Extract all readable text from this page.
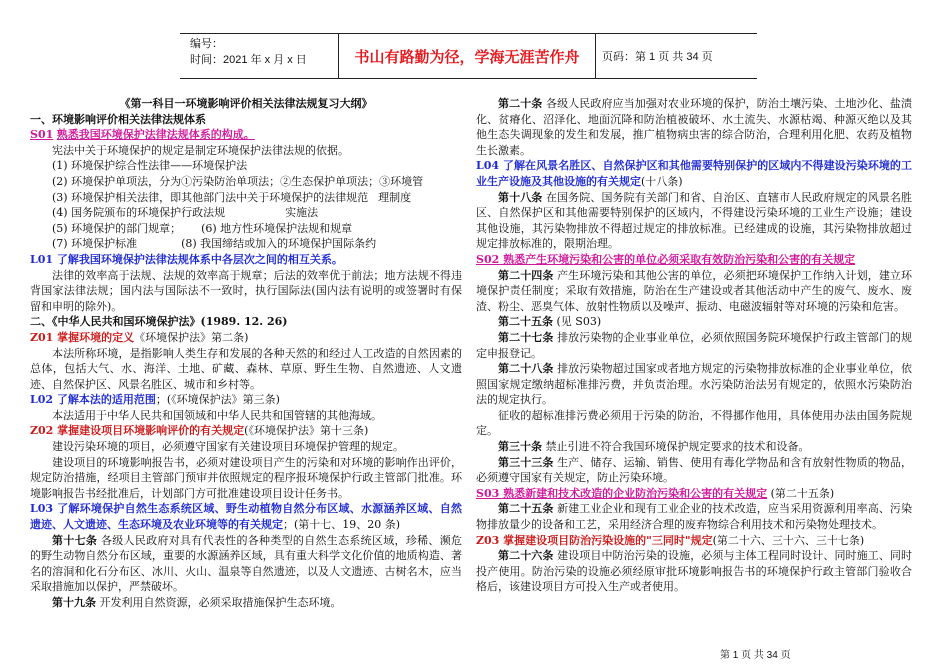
编号：
时间：2021 年 x 月 x 日	书山有路勤为径，学海无涯苦作舟	页码：第 1 页 共 34 页

《第一科目一环境影响评价相关法律法规复习大纲》

一、环境影响评价相关法律法规体系

S01 熟悉我国环境保护法律法规体系的构成。

宪法中关于环境保护的规定是制定环境保护法律法规的依据。

(1) 环境保护综合性法律——环境保护法

(2) 环境保护单项法，分为①污染防治单项法；②生态保护单项法；③环境管

(3) 环境保护相关法律，即其他部门法中关于环境保护的法律规范 理制度

(4) 国务院颁布的环境保护行政法规	实施法

(5) 环境保护的部门规章； (6) 地方性环境保护法规和规章

(7) 环境保护标准	(8) 我国缔结或加入的环境保护国际条约

L01 了解我国环境保护法律法规体系中各层次之间的相互关系。

法律的效率高于法规、法规的效率高于规章；后法的效率优于前法；地方法规不得违背国家法律法规；国内法与国际法不一致时，执行国际法(国内法有说明的或签署时有保留和申明的除外)。

二、《中华人民共和国环境保护法》(1989. 12. 26)

Z01 掌握环境的定义《环境保护法》第二条)

本法所称环境，是指影响人类生存和发展的各种天然的和经过人工改造的自然因素的总体，包括大气、水、海洋、土地、矿藏、森林、草原、野生生物、自然遗迹、人文遗迹、自然保护区、风景名胜区、城市和乡村等。

L02 了解本法的适用范围；(《环境保护法》第三条)

本法适用于中华人民共和国领域和中华人民共和国管辖的其他海域。

Z02 掌握建设项目环境影响评价的有关规定(《环境保护法》第十三条)

建设污染环境的项目，必须遵守国家有关建设项目环境保护管理的规定。

建设项目的环境影响报告书，必须对建设项目产生的污染和对环境的影响作出评价，规定防治措施，经项目主管部门预审并依照规定的程序报环境保护行政主管部门批准。环境影响报告书经批准后，计划部门方可批准建设项目设计任务书。

L03 了解环境保护自然生态系统区域、野生动植物自然分布区域、水源涵养区域、自然遗迹、人文遗迹、生态环境及农业环境等的有关规定；(第十七、19、20 条)

第十七条 各级人民政府对具有代表性的各种类型的自然生态系统区域，珍稀、濒危的野生动物自然分布区域，重要的水源涵养区域，具有重大科学文化价值的地质构造、著名的溶洞和化石分布区、冰川、火山、温泉等自然遗迹，以及人文遗迹、古树名木，应当采取措施加以保护，严禁破坏。

第十九条 开发利用自然资源，必须采取措施保护生态环境。

第二十条 各级人民政府应当加强对农业环境的保护，防治土壤污染、土地沙化、盐渍化、贫瘠化、沼泽化、地面沉降和防治植被破坏、水土流失、水源枯竭、种源灭绝以及其他生态失调现象的发生和发展，推广植物病虫害的综合防治，合理利用化肥、农药及植物生长激素。

L04 了解在风景名胜区、自然保护区和其他需要特别保护的区域内不得建设污染环境的工业生产设施及其他设施的有关规定(十八条)

第十八条 在国务院、国务院有关部门和省、自治区、直辖市人民政府规定的风景名胜区、自然保护区和其他需要特别保护的区域内，不得建设污染环境的工业生产设施；建设其他设施，其污染物排放不得超过规定的排放标准。已经建成的设施，其污染物排放超过规定排放标准的，限期治理。

S02 熟悉产生环境污染和公害的单位必须采取有效防治污染和公害的有关规定

第二十四条 产生环境污染和其他公害的单位，必须把环境保护工作纳入计划，建立环境保护责任制度；采取有效措施，防治在生产建设或者其他活动中产生的废气、废水、废渣、粉尘、恶臭气体、放射性物质以及噪声、振动、电磁波辐射等对环境的污染和危害。

第二十五条 (见 S03)

第二十七条 排放污染物的企业事业单位，必须依照国务院环境保护行政主管部门的规定申报登记。

第二十八条 排放污染物超过国家或者地方规定的污染物排放标准的企业事业单位，依照国家规定缴纳超标准排污费，并负责治理。水污染防治法另有规定的，依照水污染防治法的规定执行。

征收的超标准排污费必须用于污染的防治，不得挪作他用，具体使用办法由国务院规定。

第三十条 禁止引进不符合我国环境保护规定要求的技术和设备。

第三十三条 生产、储存、运输、销售、使用有毒化学物品和含有放射性物质的物品，必须遵守国家有关规定，防止污染环境。

S03 熟悉新建和技术改造的企业防治污染和公害的有关规定 (第二十五条)

第二十五条 新建工业企业和现有工业企业的技术改造，应当采用资源利用率高、污染物排放量少的设备和工艺，采用经济合理的废弃物综合利用技术和污染物处理技术。

Z03 掌握建设项目防治污染设施的"三同时"规定(第二十六、三十六、三十七条)

第二十六条 建设项目中防治污染的设施，必须与主体工程同时设计、同时施工、同时投产使用。防治污染的设施必须经原审批环境影响报告书的环境保护行政主管部门验收合格后，该建设项目方可投入生产或者使用。

第 1 页 共 34 页
